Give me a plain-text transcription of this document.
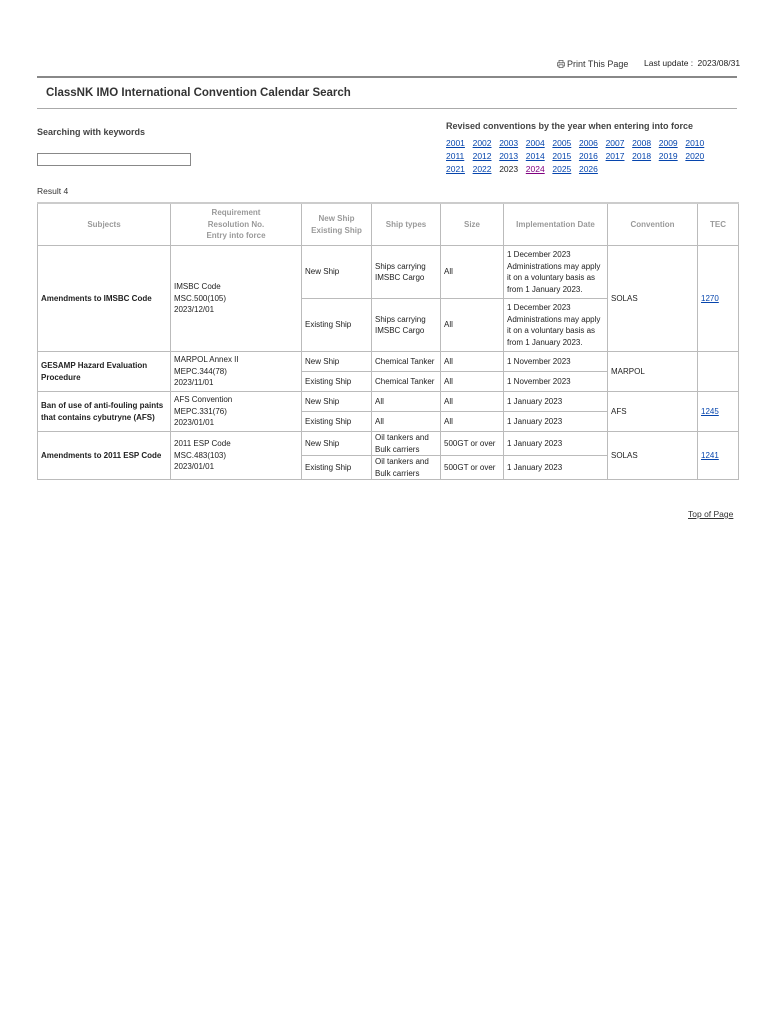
Print This Page Last update : 2023/08/31
ClassNK IMO International Convention Calendar Search
Searching with keywords
Revised conventions by the year when entering into force
2001 2002 2003 2004 2005 2006 2007 2008 2009 2010
2011 2012 2013 2014 2015 2016 2017 2018 2019 2020
2021 2022 2023 2024 2025 2026
Result 4
Subjects	Requirement
Resolution No.
Entry into force	New Ship
Existing Ship	Ship types	Size	Implementation Date	Convention	TEC
Amendments to IMSBC Code	IMSBC Code
MSC.500(105)
2023/12/01	New Ship	Ships carrying IMSBC Cargo	All	1 December 2023 Administrations may apply it on a voluntary basis as from 1 January 2023.	SOLAS	1270
		Existing Ship	Ships carrying IMSBC Cargo	All	1 December 2023 Administrations may apply it on a voluntary basis as from 1 January 2023.		
GESAMP Hazard Evaluation Procedure	MARPOL Annex II
MEPC.344(78)
2023/11/01	New Ship	Chemical Tanker	All	1 November 2023	MARPOL	
		Existing Ship	Chemical Tanker	All	1 November 2023		
Ban of use of anti-fouling paints that contains cybutryne (AFS)	AFS Convention
MEPC.331(76)
2023/01/01	New Ship	All	All	1 January 2023	AFS	1245
		Existing Ship	All	All	1 January 2023		
Amendments to 2011 ESP Code	2011 ESP Code
MSC.483(103)
2023/01/01	New Ship	Oil tankers and Bulk carriers	500GT or over	1 January 2023	SOLAS	1241
		Existing Ship	Oil tankers and Bulk carriers	500GT or over	1 January 2023		
Top of Page
